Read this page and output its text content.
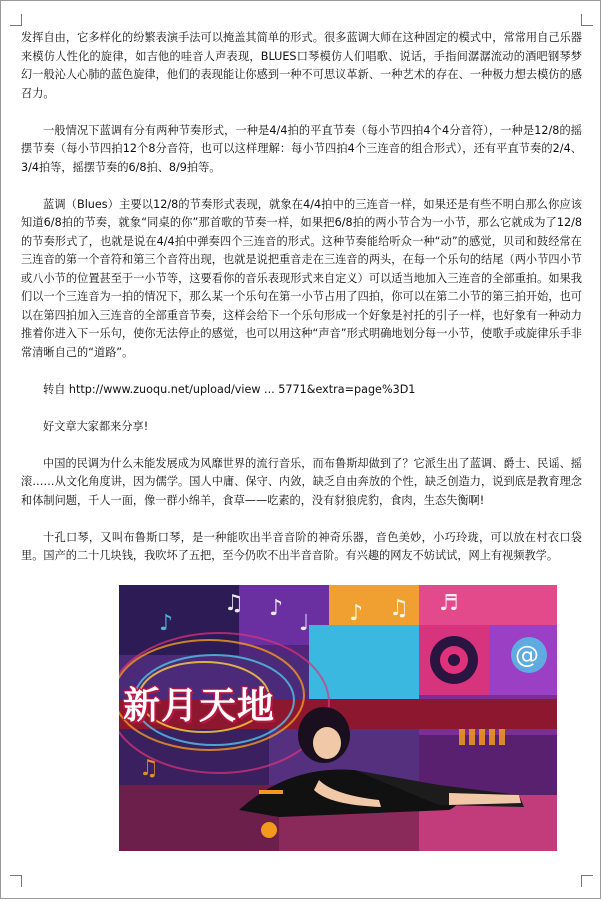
发挥自由，它多样化的纷繁表演手法可以掩盖其简单的形式。很多蓝调大师在这种固定的模式中，常常用自己乐器来模仿人性化的旋律，如吉他的哇音人声表现，BLUES口琴模仿人们唱歌、说话，手指间潺潺流动的酒吧钢琴梦幻一般沁人心肺的蓝色旋律，他们的表现能让你感到一种不可思议革新、一种艺术的存在、一种极力想去模仿的感召力。

一般情况下蓝调有分有两种节奏形式，一种是4/4拍的平直节奏（每小节四拍4个4分音符），一种是12/8的摇摆节奏（每小节四拍12个8分音符，也可以这样理解：每小节四拍4个三连音的组合形式），还有平直节奏的2/4、3/4拍等，摇摆节奏的6/8拍、8/9拍等。

蓝调（Blues）主要以12/8的节奏形式表现，就象在4/4拍中的三连音一样，如果还是有些不明白那么你应该知道6/8拍的节奏，就象“同桌的你”那首歌的节奏一样，如果把6/8拍的两小节合为一小节，那么它就成为了12/8的节奏形式了，也就是说在4/4拍中弹奏四个三连音的形式。这种节奏能给听众一种“动”的感觉，贝司和鼓经常在三连音的第一个音符和第三个音符出现，也就是说把重音走在三连音的两头，在每一个乐句的结尾（两小节四小节或八小节的位置甚至于一小节等，这要看你的音乐表现形式来自定义）可以适当地加入三连音的全部重拍。如果我们以一个三连音为一拍的情况下，那么某一个乐句在第一小节占用了四拍，你可以在第二小节的第三拍开始，也可以在第四拍加入三连音的全部重音节奏，这样会给下一个乐句形成一个好象是衬托的引子一样，也好象有一种动力推着你进入下一乐句，使你无法停止的感觉，也可以用这种“声音”形式明确地划分每一小节，使歌手或旋律乐手非常清晰自己的“道路”。

转自 http://www.zuoqu.net/upload/view ... 5771&extra=page%3D1

好文章大家都来分享!

中国的民调为什么未能发展成为风靡世界的流行音乐，而布鲁斯却做到了？它派生出了蓝调、爵士、民谣、摇滚……从文化角度讲，因为儒学。国人中庸、保守、内敛，缺乏自由奔放的个性，缺乏创造力，说到底是教育理念和体制问题，千人一面，像一群小绵羊，食草——吃素的，没有豺狼虎豹，食肉，生态失衡啊!

十孔口琴，又叫布鲁斯口琴，是一种能吹出半音音阶的神奇乐器，音色美妙，小巧玲珑，可以放在村衣口袋里。国产的二十几块钱，我吹坏了五把，至今仍吹不出半音音阶。有兴趣的网友不妨试试，网上有视频教学。

@
♪ ♫
♩
♬
♪
♫
♪
♫
新月天地
